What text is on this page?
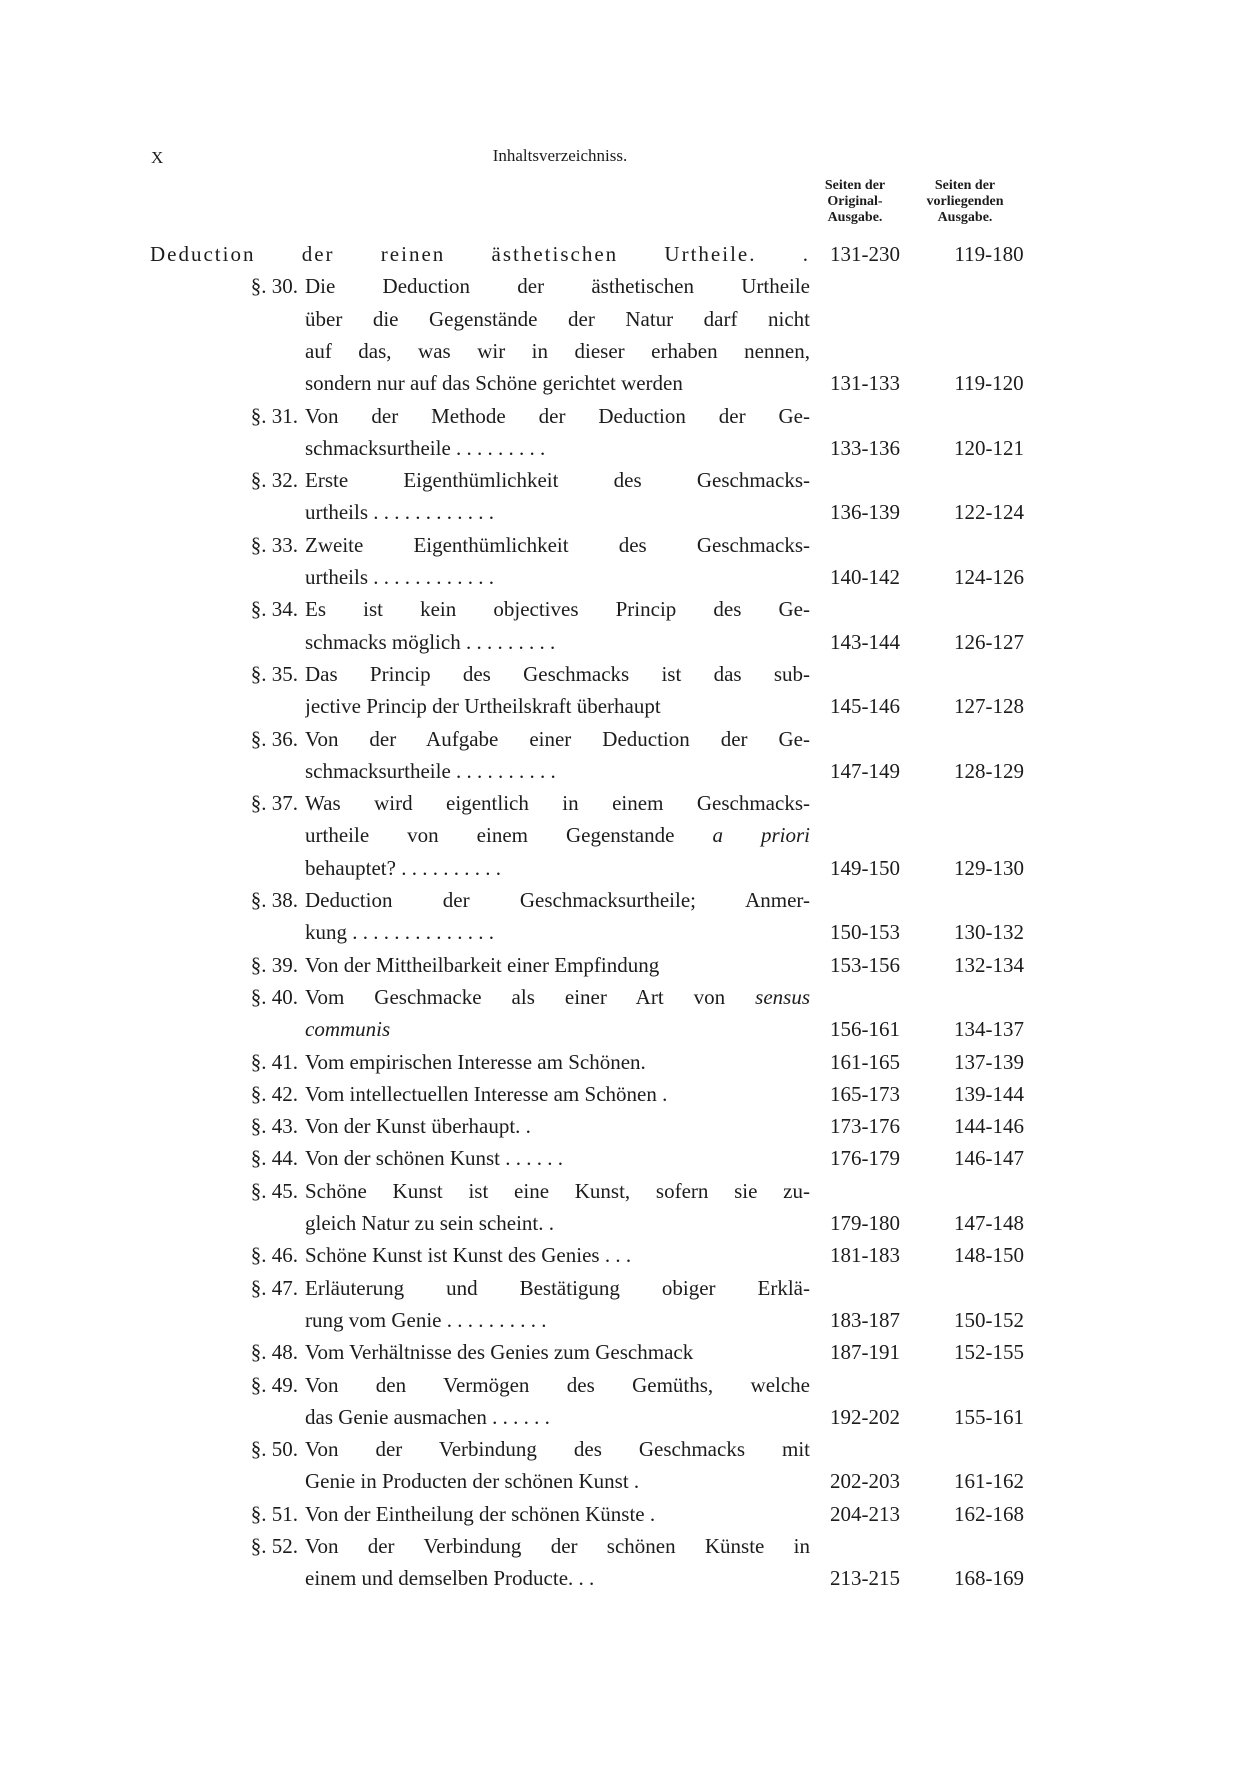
X	Inhaltsverzeichniss.
Seiten der
Original-
Ausgabe.
Seiten der
vorliegenden
Ausgabe.
Deduction der reinen ästhetischen Urtheile. . 131-230	119-180
§. 30. Die Deduction der ästhetischen Urtheile
über die Gegenstände der Natur darf nicht
auf das, was wir in dieser erhaben nennen,
sondern nur auf das Schöne gerichtet werden	131-133	119-120
§. 31. Von der Methode der Deduction der Ge-
schmacksurtheile . . . . . . . . .	133-136	120-121
§. 32. Erste Eigenthümlichkeit des Geschmacks-
urtheils . . . . . . . . . . . .	136-139	122-124
§. 33. Zweite Eigenthümlichkeit des Geschmacks-
urtheils . . . . . . . . . . . .	140-142	124-126
§. 34. Es ist kein objectives Princip des Ge-
schmacks möglich . . . . . . . . .	143-144	126-127
§. 35. Das Princip des Geschmacks ist das sub-
jective Princip der Urtheilskraft überhaupt	145-146	127-128
§. 36. Von der Aufgabe einer Deduction der Ge-
schmacksurtheile . . . . . . . . . .	147-149	128-129
§. 37. Was wird eigentlich in einem Geschmacks-
urtheile von einem Gegenstande a priori
behauptet? . . . . . . . . . .	149-150	129-130
§. 38. Deduction der Geschmacksurtheile; Anmer-
kung . . . . . . . . . . . . . .	150-153	130-132
§. 39. Von der Mittheilbarkeit einer Empfindung	153-156	132-134
§. 40. Vom Geschmacke als einer Art von sensus
communis	156-161	134-137
§. 41. Vom empirischen Interesse am Schönen.	161-165	137-139
§. 42. Vom intellectuellen Interesse am Schönen .	165-173	139-144
§. 43. Von der Kunst überhaupt. .	173-176	144-146
§. 44. Von der schönen Kunst . . . . . .	176-179	146-147
§. 45. Schöne Kunst ist eine Kunst, sofern sie zu-
gleich Natur zu sein scheint. .	179-180	147-148
§. 46. Schöne Kunst ist Kunst des Genies . . .	181-183	148-150
§. 47. Erläuterung und Bestätigung obiger Erklä-
rung vom Genie . . . . . . . . . .	183-187	150-152
§. 48. Vom Verhältnisse des Genies zum Geschmack	187-191	152-155
§. 49. Von den Vermögen des Gemüths, welche
das Genie ausmachen . . . . . .	192-202	155-161
§. 50. Von der Verbindung des Geschmacks mit
Genie in Producten der schönen Kunst .	202-203	161-162
§. 51. Von der Eintheilung der schönen Künste .	204-213	162-168
§. 52. Von der Verbindung der schönen Künste in
einem und demselben Producte. . .	213-215	168-169
